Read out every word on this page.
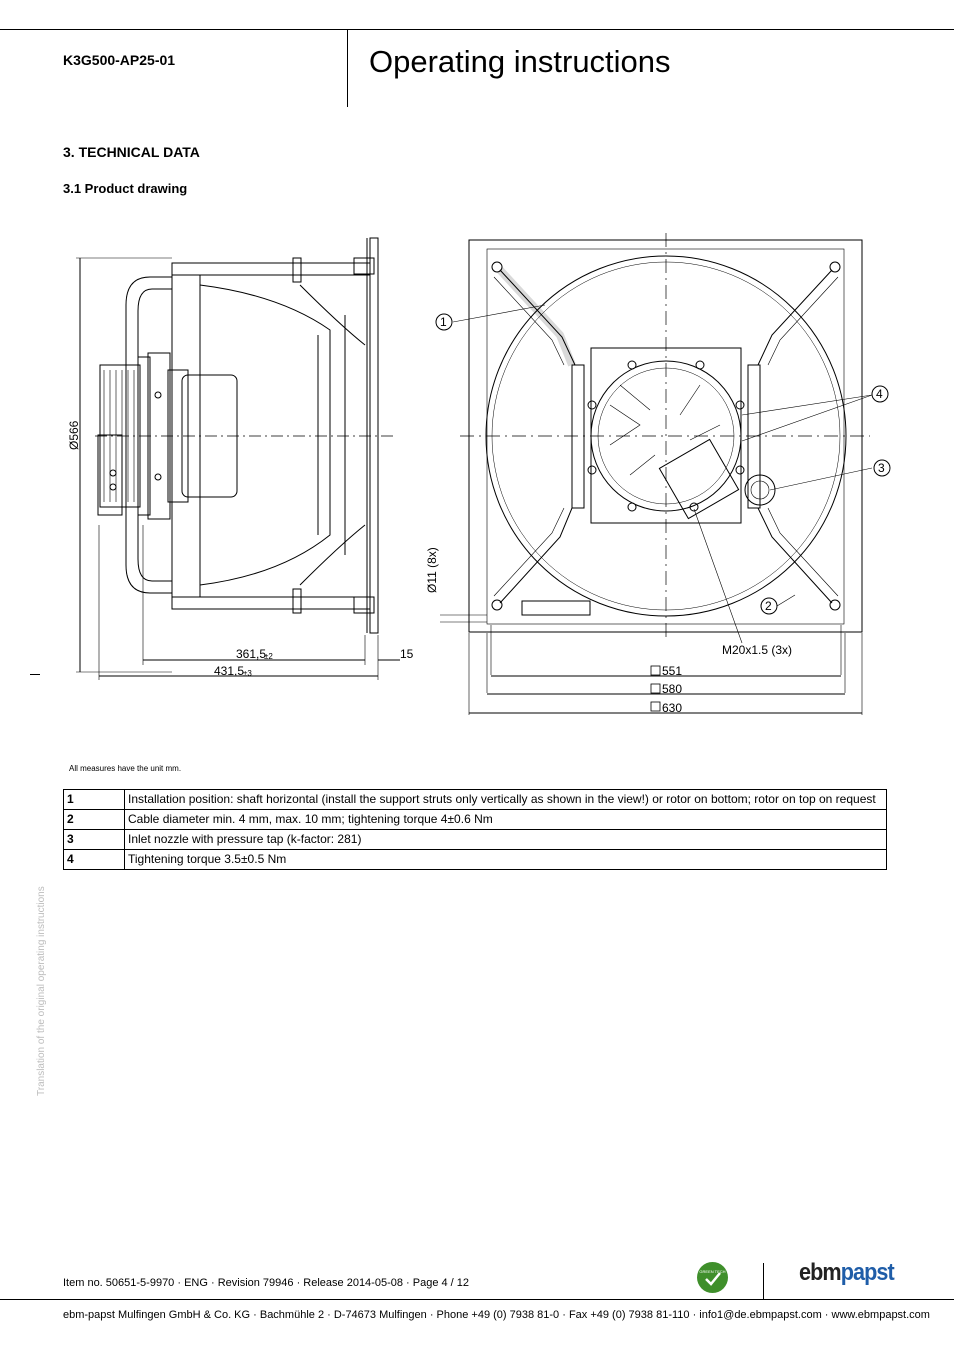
K3G500-AP25-01	Operating instructions
3. TECHNICAL DATA
3.1 Product drawing
Ø566
361,5
±2
431,5
±3
15
1
2
3
4
Ø11 (8x)
M20x1.5 (3x)
551
580
630
All measures have the unit mm.
1	Installation position: shaft horizontal (install the support struts only vertically as shown in the view!) or rotor on bottom; rotor on top on request
2	Cable diameter min. 4 mm, max. 10 mm; tightening torque 4±0.6 Nm
3	Inlet nozzle with pressure tap (k-factor: 281)
4	Tightening torque 3.5±0.5 Nm
Translation of the original operating instructions
Item no. 50651-5-9970 · ENG · Revision 79946 · Release 2014-05-08 · Page 4 / 12
GREEN TECH	ebmpapst
ebm-papst Mulfingen GmbH & Co. KG · Bachmühle 2 · D-74673 Mulfingen · Phone +49 (0) 7938 81-0 · Fax +49 (0) 7938 81-110 · info1@de.ebmpapst.com · www.ebmpapst.com
